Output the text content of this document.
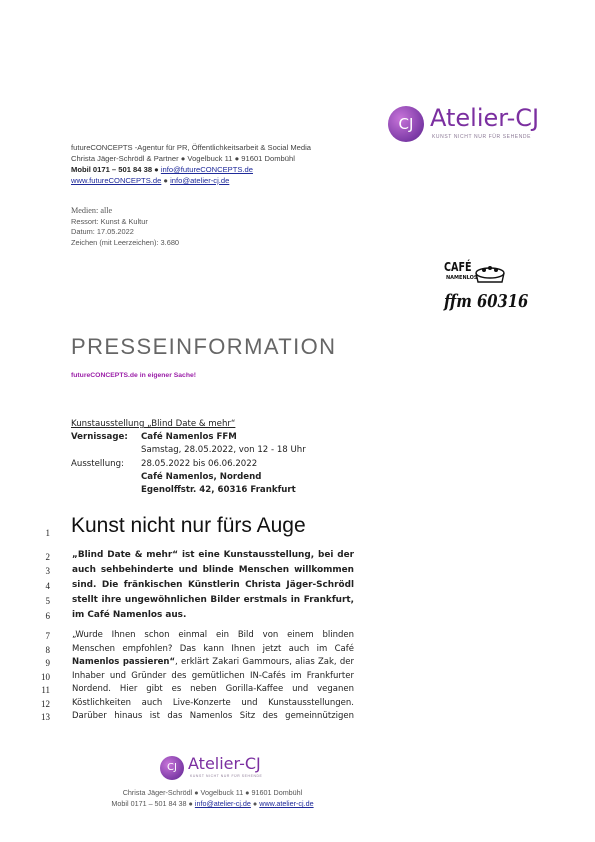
CJ Atelier-CJ
KUNST NICHT NUR FÜR SEHENDE
futureCONCEPTS -Agentur für PR, Öffentlichkeitsarbeit & Social Media
Christa Jäger-Schrödl & Partner ● Vogelbuck 11 ● 91601 Dombühl
Mobil 0171 – 501 84 38 ● info@futureCONCEPTS.de
www.futureCONCEPTS.de ● info@atelier-cj.de
Medien: alle
Ressort: Kunst & Kultur
Datum: 17.05.2022
Zeichen (mit Leerzeichen): 3.680
CAFÉ
NAMENLOS
ffm 60316
PRESSEINFORMATION
futureCONCEPTS.de in eigener Sache!
Kunstausstellung „Blind Date & mehr“
Vernissage: Café Namenlos FFM
Samstag, 28.05.2022, von 12 - 18 Uhr
Ausstellung: 28.05.2022 bis 06.06.2022
Café Namenlos, Nordend
Egenolffstr. 42, 60316 Frankfurt
1
2
3
4
5
6
7
8
9
10
11
12
13
Kunst nicht nur fürs Auge
„Blind Date & mehr“ ist eine Kunstausstellung, bei der
auch sehbehinderte und blinde Menschen willkommen
sind. Die fränkischen Künstlerin Christa Jäger-Schrödl
stellt ihre ungewöhnlichen Bilder erstmals in Frankfurt,
im Café Namenlos aus.
„Wurde Ihnen schon einmal ein Bild von einem blinden
Menschen empfohlen? Das kann Ihnen jetzt auch im Café
Namenlos passieren“, erklärt Zakari Gammours, alias Zak, der
Inhaber und Gründer des gemütlichen IN-Cafés im Frankfurter
Nordend. Hier gibt es neben Gorilla-Kaffee und veganen
Köstlichkeiten auch Live-Konzerte und Kunstausstellungen.
Darüber hinaus ist das Namenlos Sitz des gemeinnützigen
CJ Atelier-CJ
KUNST NICHT NUR FÜR SEHENDE
Christa Jäger-Schrödl ● Vogelbuck 11 ● 91601 Dombühl
Mobil 0171 – 501 84 38 ● info@atelier-cj.de ● www.atelier-cj.de
